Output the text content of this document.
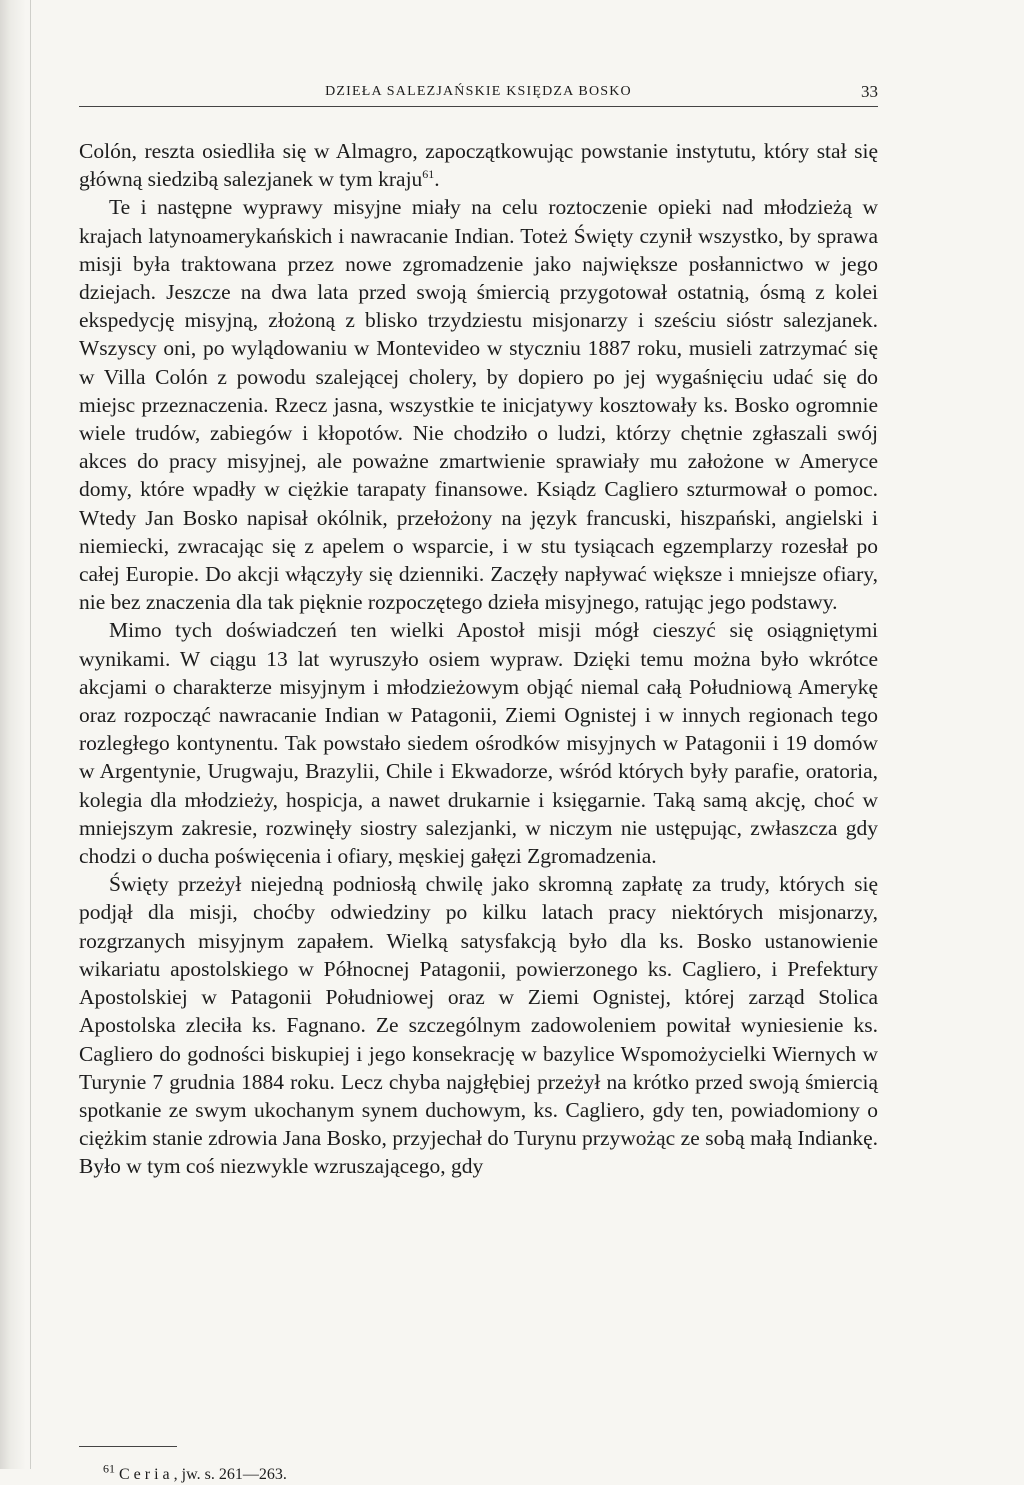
DZIEŁA SALEZJAŃSKIE KSIĘDZA BOSKO	33

Colón, reszta osiedliła się w Almagro, zapoczątkowując powstanie instytutu, który stał się główną siedzibą salezjanek w tym kraju$^{61}$.

Te i następne wyprawy misyjne miały na celu roztoczenie opieki nad młodzieżą w krajach latynoamerykańskich i nawracanie Indian. Toteż Święty czynił wszystko, by sprawa misji była traktowana przez nowe zgromadzenie jako największe posłannictwo w jego dziejach. Jeszcze na dwa lata przed swoją śmiercią przygotował ostatnią, ósmą z kolei ekspedycję misyjną, złożoną z blisko trzydziestu misjonarzy i sześciu sióstr salezjanek. Wszyscy oni, po wylądowaniu w Montevideo w styczniu 1887 roku, musieli zatrzymać się w Villa Colón z powodu szalejącej cholery, by dopiero po jej wygaśnięciu udać się do miejsc przeznaczenia. Rzecz jasna, wszystkie te inicjatywy kosztowały ks. Bosko ogromnie wiele trudów, zabiegów i kłopotów. Nie chodziło o ludzi, którzy chętnie zgłaszali swój akces do pracy misyjnej, ale poważne zmartwienie sprawiały mu założone w Ameryce domy, które wpadły w ciężkie tarapaty finansowe. Ksiądz Cagliero szturmował o pomoc. Wtedy Jan Bosko napisał okólnik, przełożony na język francuski, hiszpański, angielski i niemiecki, zwracając się z apelem o wsparcie, i w stu tysiącach egzemplarzy rozesłał po całej Europie. Do akcji włączyły się dzienniki. Zaczęły napływać większe i mniejsze ofiary, nie bez znaczenia dla tak pięknie rozpoczętego dzieła misyjnego, ratując jego podstawy.

Mimo tych doświadczeń ten wielki Apostoł misji mógł cieszyć się osiągniętymi wynikami. W ciągu 13 lat wyruszyło osiem wypraw. Dzięki temu można było wkrótce akcjami o charakterze misyjnym i młodzieżowym objąć niemal całą Południową Amerykę oraz rozpocząć nawracanie Indian w Patagonii, Ziemi Ognistej i w innych regionach tego rozległego kontynentu. Tak powstało siedem ośrodków misyjnych w Patagonii i 19 domów w Argentynie, Urugwaju, Brazylii, Chile i Ekwadorze, wśród których były parafie, oratoria, kolegia dla młodzieży, hospicja, a nawet drukarnie i księgarnie. Taką samą akcję, choć w mniejszym zakresie, rozwinęły siostry salezjanki, w niczym nie ustępując, zwłaszcza gdy chodzi o ducha poświęcenia i ofiary, męskiej gałęzi Zgromadzenia.

Święty przeżył niejedną podniosłą chwilę jako skromną zapłatę za trudy, których się podjął dla misji, choćby odwiedziny po kilku latach pracy niektórych misjonarzy, rozgrzanych misyjnym zapałem. Wielką satysfakcją było dla ks. Bosko ustanowienie wikariatu apostolskiego w Północnej Patagonii, powierzonego ks. Cagliero, i Prefektury Apostolskiej w Patagonii Południowej oraz w Ziemi Ognistej, której zarząd Stolica Apostolska zleciła ks. Fagnano. Ze szczególnym zadowoleniem powitał wyniesienie ks. Cagliero do godności biskupiej i jego konsekrację w bazylice Wspomożycielki Wiernych w Turynie 7 grudnia 1884 roku. Lecz chyba najgłębiej przeżył na krótko przed swoją śmiercią spotkanie ze swym ukochanym synem duchowym, ks. Cagliero, gdy ten, powiadomiony o ciężkim stanie zdrowia Jana Bosko, przyjechał do Turynu przywożąc ze sobą małą Indiankę. Było w tym coś niezwykle wzruszającego, gdy

$^{61}$ Ceria, jw. s. 261—263.
